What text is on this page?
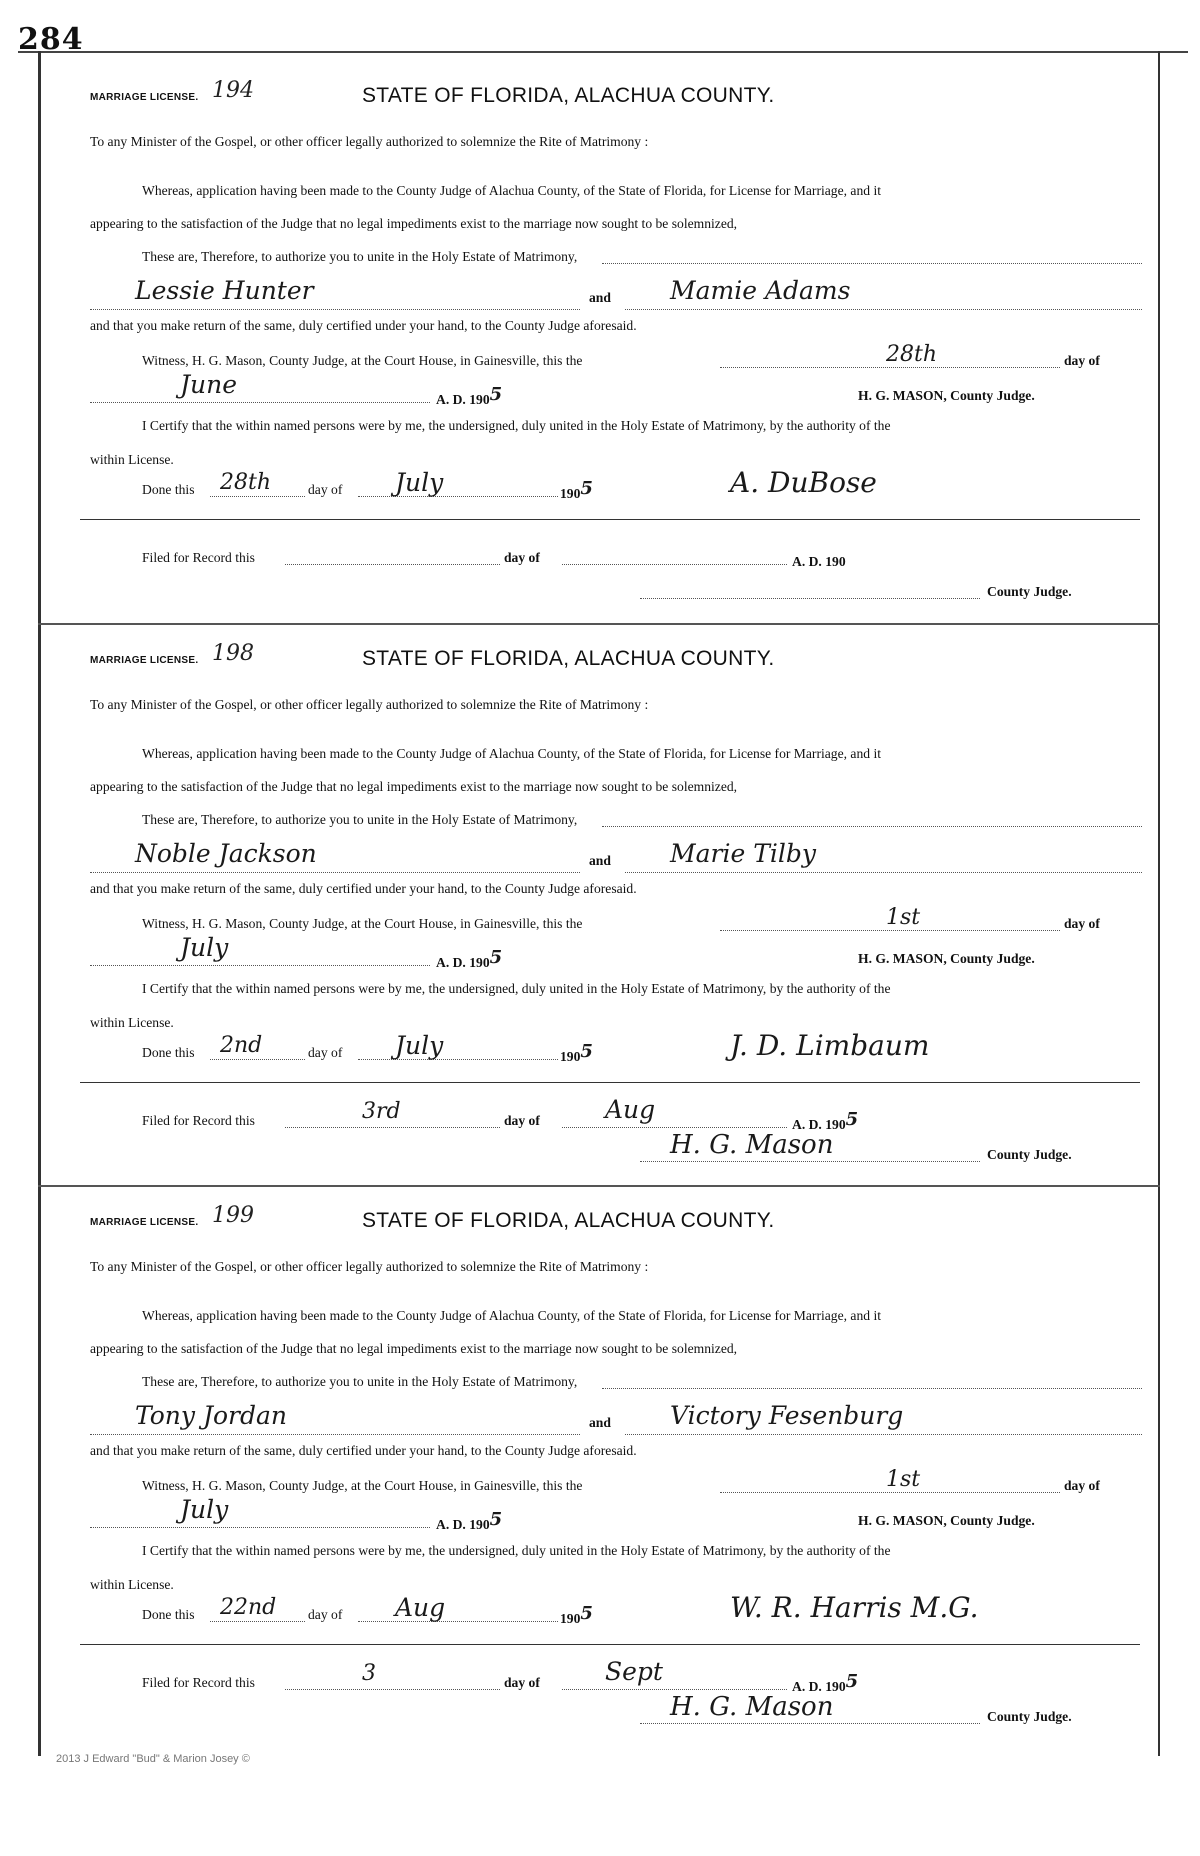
284
MARRIAGE LICENSE. 194	STATE OF FLORIDA, ALACHUA COUNTY.
To any Minister of the Gospel, or other officer legally authorized to solemnize the Rite of Matrimony :
Whereas, application having been made to the County Judge of Alachua County, of the State of Florida, for License for Marriage, and it
appearing to the satisfaction of the Judge that no legal impediments exist to the marriage now sought to be solemnized,
These are, Therefore, to authorize you to unite in the Holy Estate of Matrimony,
Lessie Hunter	and Mamie Adams
and that you make return of the same, duly certified under your hand, to the County Judge aforesaid.
Witness, H. G. Mason, County Judge, at the Court House, in Gainesville, this the	28th	day of
June
A. D. 1905	H. G. MASON, County Judge.
I Certify that the within named persons were by me, the undersigned, duly united in the Holy Estate of Matrimony, by the authority of the
within License.
Done this 28th	day of July	1905	A. DuBose
Filed for Record this	day of	A. D. 190
County Judge.
MARRIAGE LICENSE. 198	STATE OF FLORIDA, ALACHUA COUNTY.
To any Minister of the Gospel, or other officer legally authorized to solemnize the Rite of Matrimony :
Whereas, application having been made to the County Judge of Alachua County, of the State of Florida, for License for Marriage, and it
appearing to the satisfaction of the Judge that no legal impediments exist to the marriage now sought to be solemnized,
These are, Therefore, to authorize you to unite in the Holy Estate of Matrimony,
Noble Jackson	and Marie Tilby
and that you make return of the same, duly certified under your hand, to the County Judge aforesaid.
Witness, H. G. Mason, County Judge, at the Court House, in Gainesville, this the	1st	day of
July
A. D. 1905	H. G. MASON, County Judge.
I Certify that the within named persons were by me, the undersigned, duly united in the Holy Estate of Matrimony, by the authority of the
within License.
Done this 2nd	day of July	1905	J. D. Limbaum
Filed for Record this	3rd	day of	Aug
A. D. 1905
H. G. Mason	County Judge.
MARRIAGE LICENSE. 199	STATE OF FLORIDA, ALACHUA COUNTY.
To any Minister of the Gospel, or other officer legally authorized to solemnize the Rite of Matrimony :
Whereas, application having been made to the County Judge of Alachua County, of the State of Florida, for License for Marriage, and it
appearing to the satisfaction of the Judge that no legal impediments exist to the marriage now sought to be solemnized,
These are, Therefore, to authorize you to unite in the Holy Estate of Matrimony,
Tony Jordan	and Victory Fesenburg
and that you make return of the same, duly certified under your hand, to the County Judge aforesaid.
Witness, H. G. Mason, County Judge, at the Court House, in Gainesville, this the	1st	day of
July
A. D. 1905	H. G. MASON, County Judge.
I Certify that the within named persons were by me, the undersigned, duly united in the Holy Estate of Matrimony, by the authority of the
within License.
Done this 22nd day of Aug	1905	W. R. Harris M.G.
Filed for Record this	3	day of	Sept
A. D. 1905
H. G. Mason	County Judge.
2013 J Edward "Bud" & Marion Josey ©
